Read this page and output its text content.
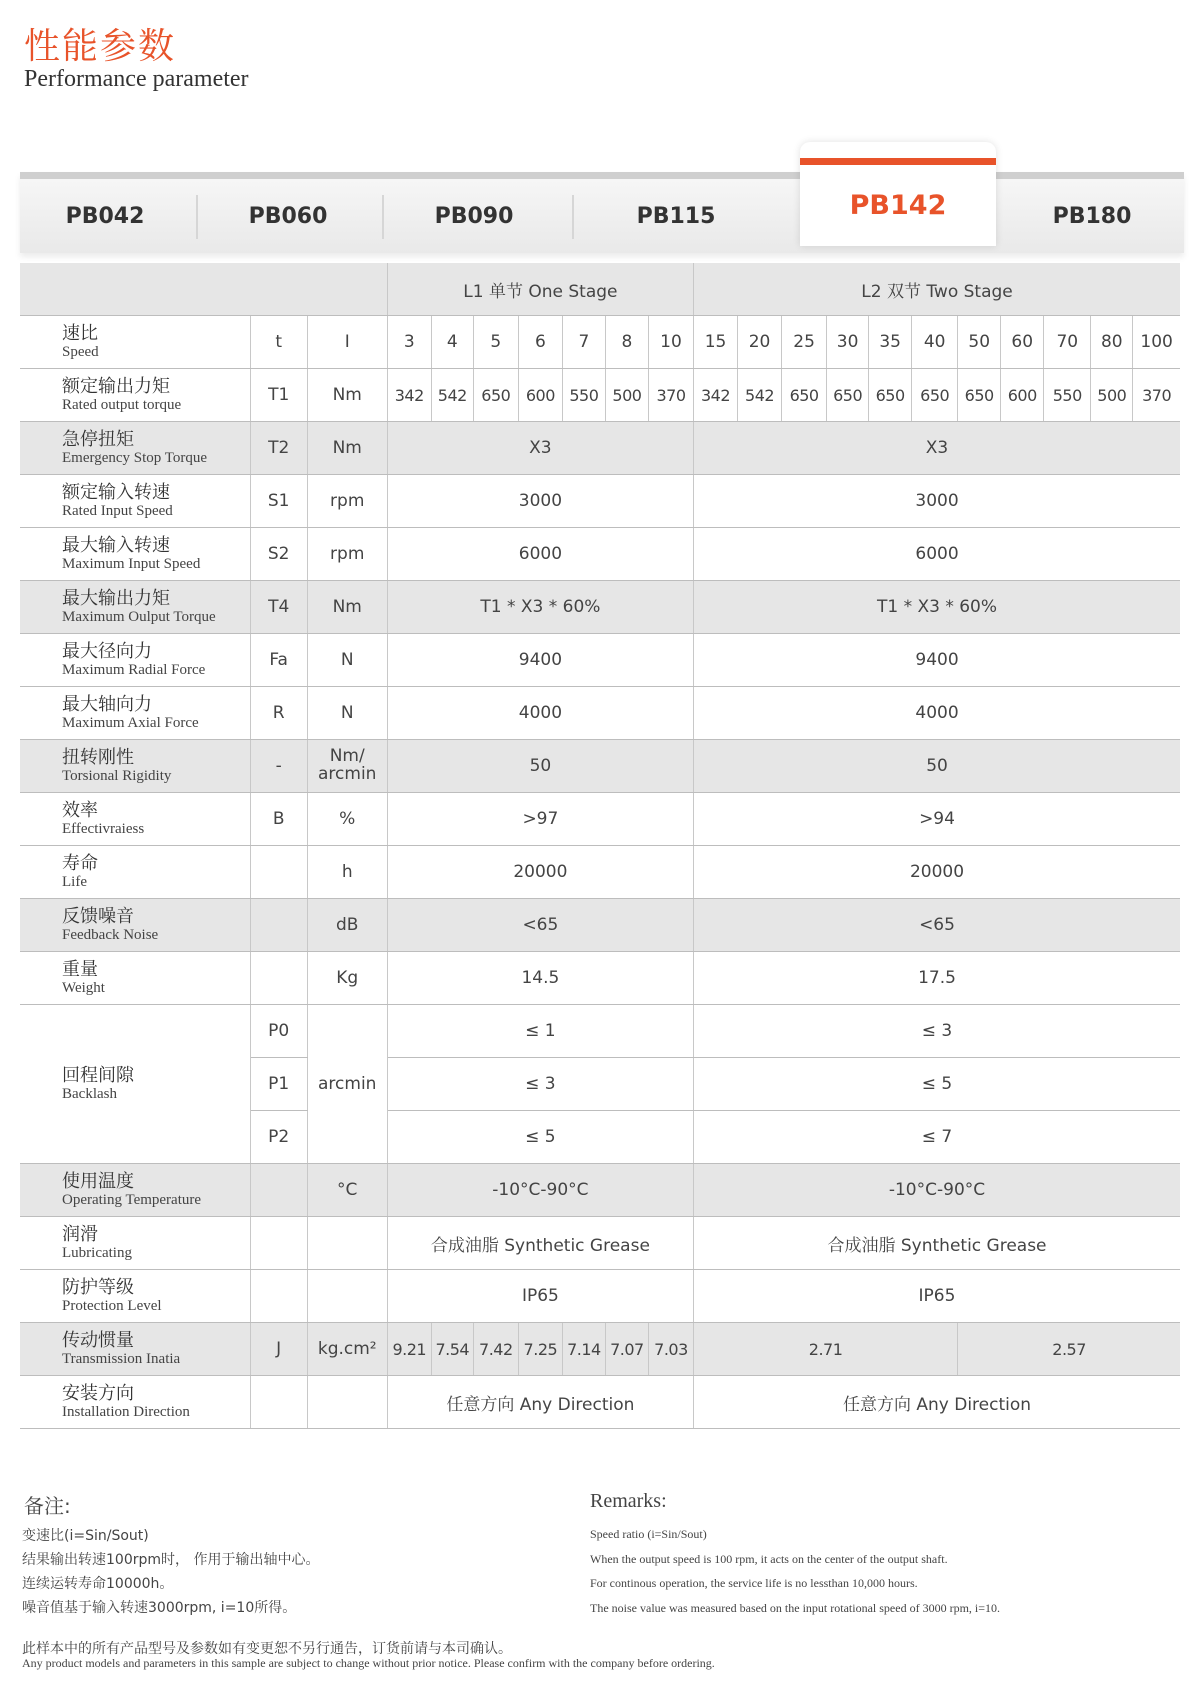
性能参数
Performance parameter
PB042	PB060	PB090	PB115	PB180
PB142
			L1 单节 One Stage							L2 双节 Two Stage										

速比
Speed	t	I	3	4	5	6	7	8	10	15	20	25	30	35	40	50	60	70	80	100

额定输出力矩
Rated output torque	T1	Nm	342	542	650	600	550	500	370	342	542	650	650	650	650	650	600	550	500	370

急停扭矩
Emergency Stop Torque	T2	Nm	X3							X3										

额定输入转速
Rated Input Speed	S1	rpm	3000							3000										

最大输入转速
Maximum Input Speed	S2	rpm	6000							6000										

最大输出力矩
Maximum Oulput Torque	T4	Nm	T1 * X3 * 60%							T1 * X3 * 60%										

最大径向力
Maximum Radial Force	Fa	N	9400							9400										

最大轴向力
Maximum Axial Force	R	N	4000							4000										

扭转刚性
Torsional Rigidity	-	Nm/ arcmin	50							50										

效率
Effectivraiess	B	%	>97							>94										

寿命
Life		h	20000							20000										

反馈噪音
Feedback Noise		dB	<65							<65										

重量
Weight		Kg	14.5							17.5										

回程间隙
Backlash	P0	arcmin	≤ 1							≤ 3										
	P1		≤ 3							≤ 5										
	P2		≤ 5							≤ 7										

使用温度
Operating Temperature		°C	-10°C-90°C							-10°C-90°C										

润滑
Lubricating			合成油脂 Synthetic Grease							合成油脂 Synthetic Grease										

防护等级
Protection Level			IP65							IP65										

传动惯量
Transmission Inatia	J	kg.cm²	9.21	7.54	7.42	7.25	7.14	7.07	7.03	2.71						2.57				

安装方向
Installation Direction			任意方向 Any Direction							任意方向 Any Direction										
备注:	Remarks:
变速比(i=Sin/Sout)
结果输出转速100rpm时， 作用于输出轴中心。
连续运转寿命10000h。
噪音值基于输入转速3000rpm, i=10所得。
Speed ratio (i=Sin/Sout)
When the output speed is 100 rpm, it acts on the center of the output shaft.
For continous operation, the service life is no lessthan 10,000 hours.
The noise value was measured based on the input rotational speed of 3000 rpm, i=10.
此样本中的所有产品型号及参数如有变更恕不另行通告，订货前请与本司确认。
Any product models and parameters in this sample are subject to change without prior notice. Please confirm with the company before ordering.
